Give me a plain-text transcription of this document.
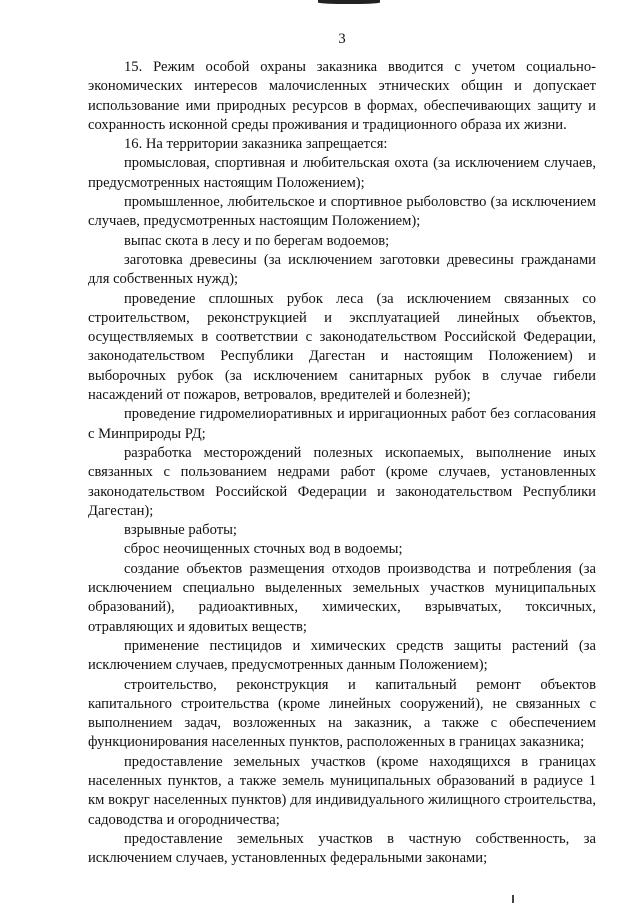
3

15. Режим особой охраны заказника вводится с учетом социально-экономических интересов малочисленных этнических общин и допускает использование ими природных ресурсов в формах, обеспечивающих защиту и сохранность исконной среды проживания и традиционного образа их жизни.

16. На территории заказника запрещается:

промысловая, спортивная и любительская охота (за исключением случаев, предусмотренных настоящим Положением);

промышленное, любительское и спортивное рыболовство (за исключением случаев, предусмотренных настоящим Положением);

выпас скота в лесу и по берегам водоемов;

заготовка древесины (за исключением заготовки древесины гражданами для собственных нужд);

проведение сплошных рубок леса (за исключением связанных со строительством, реконструкцией и эксплуатацией линейных объектов, осуществляемых в соответствии с законодательством Российской Федерации, законодательством Республики Дагестан и настоящим Положением) и выборочных рубок (за исключением санитарных рубок в случае гибели насаждений от пожаров, ветровалов, вредителей и болезней);

проведение гидромелиоративных и ирригационных работ без согласования с Минприроды РД;

разработка месторождений полезных ископаемых, выполнение иных связанных с пользованием недрами работ (кроме случаев, установленных законодательством Российской Федерации и законодательством Республики Дагестан);

взрывные работы;

сброс неочищенных сточных вод в водоемы;

создание объектов размещения отходов производства и потребления (за исключением специально выделенных земельных участков муниципальных образований), радиоактивных, химических, взрывчатых, токсичных, отравляющих и ядовитых веществ;

применение пестицидов и химических средств защиты растений (за исключением случаев, предусмотренных данным Положением);

строительство, реконструкция и капитальный ремонт объектов капитального строительства (кроме линейных сооружений), не связанных с выполнением задач, возложенных на заказник, а также с обеспечением функционирования населенных пунктов, расположенных в границах заказника;

предоставление земельных участков (кроме находящихся в границах населенных пунктов, а также земель муниципальных образований в радиусе 1 км вокруг населенных пунктов) для индивидуального жилищного строительства, садоводства и огородничества;

предоставление земельных участков в частную собственность, за исключением случаев, установленных федеральными законами;
